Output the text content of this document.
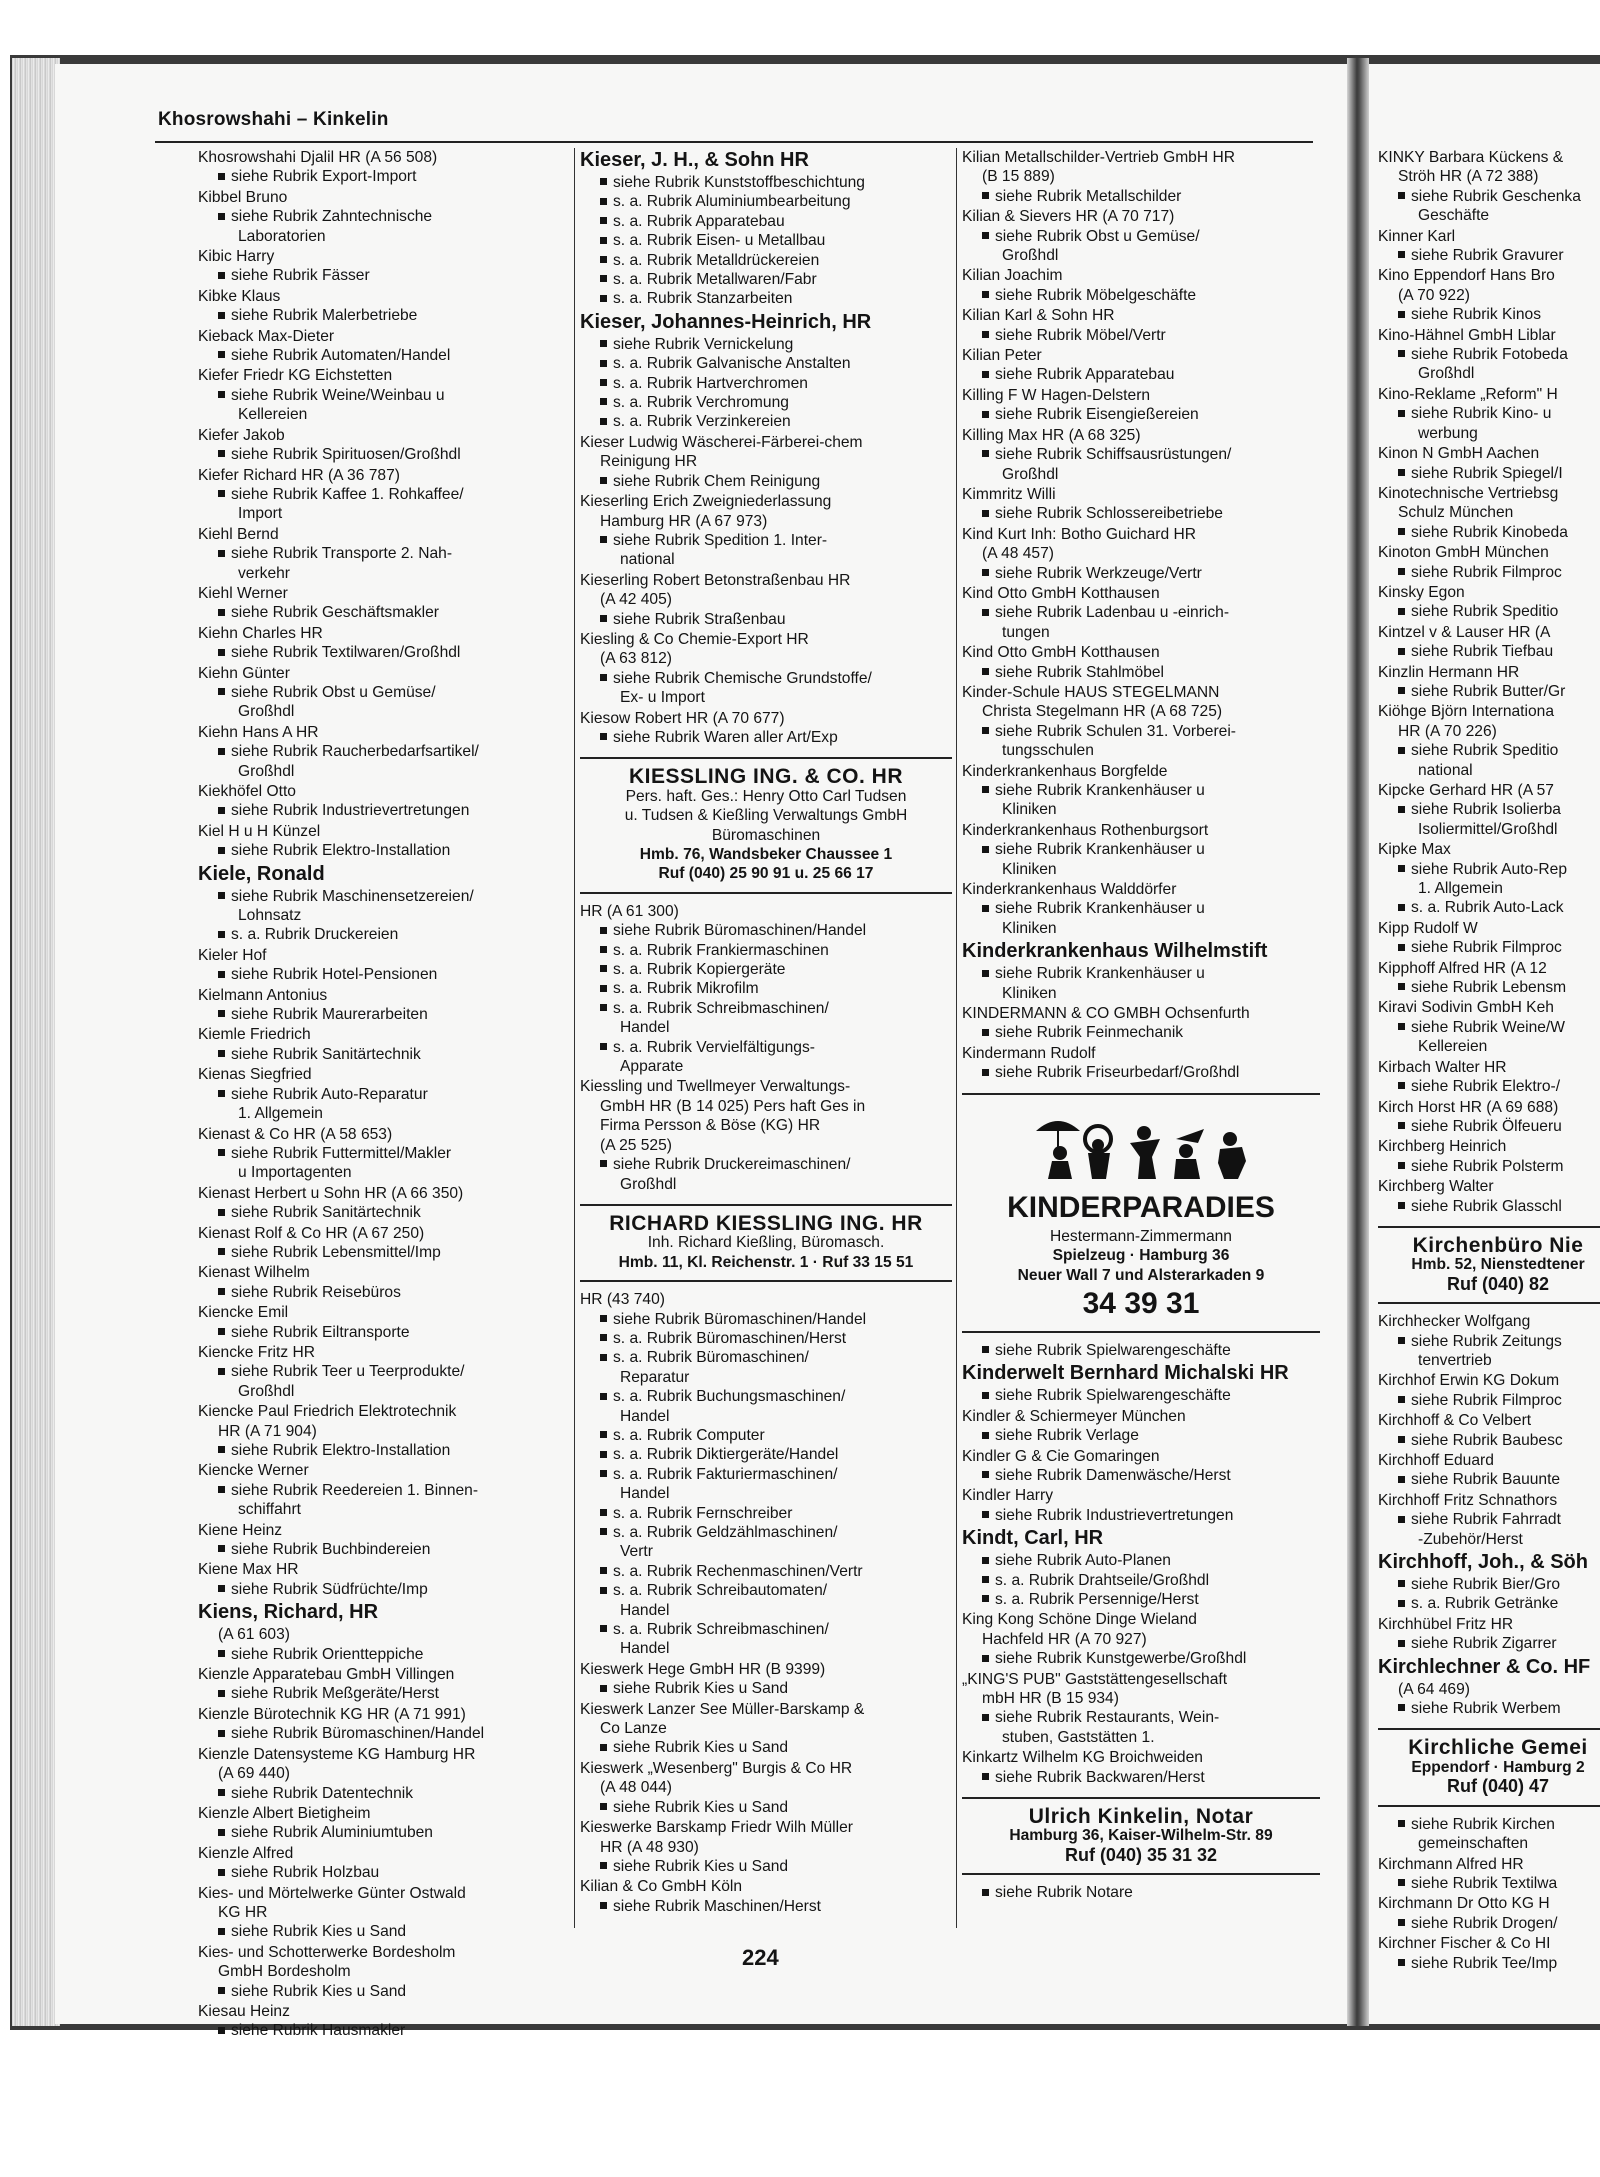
Khosrowshahi – Kinkelin
Khosrowshahi Djalil HR (A 56 508)
siehe Rubrik Export-Import
Kibbel Bruno
siehe Rubrik Zahntechnische
Laboratorien
Kibic Harry
siehe Rubrik Fässer
Kibke Klaus
siehe Rubrik Malerbetriebe
Kieback Max-Dieter
siehe Rubrik Automaten/Handel
Kiefer Friedr KG Eichstetten
siehe Rubrik Weine/Weinbau u
Kellereien
Kiefer Jakob
siehe Rubrik Spirituosen/Großhdl
Kiefer Richard HR (A 36 787)
siehe Rubrik Kaffee 1. Rohkaffee/
Import
Kiehl Bernd
siehe Rubrik Transporte 2. Nah-
verkehr
Kiehl Werner
siehe Rubrik Geschäftsmakler
Kiehn Charles HR
siehe Rubrik Textilwaren/Großhdl
Kiehn Günter
siehe Rubrik Obst u Gemüse/
Großhdl
Kiehn Hans A HR
siehe Rubrik Raucherbedarfsartikel/
Großhdl
Kiekhöfel Otto
siehe Rubrik Industrievertretungen
Kiel H u H Künzel
siehe Rubrik Elektro-Installation
Kiele, Ronald
siehe Rubrik Maschinensetzereien/
Lohnsatz
s. a. Rubrik Druckereien
Kieler Hof
siehe Rubrik Hotel-Pensionen
Kielmann Antonius
siehe Rubrik Maurerarbeiten
Kiemle Friedrich
siehe Rubrik Sanitärtechnik
Kienas Siegfried
siehe Rubrik Auto-Reparatur
1. Allgemein
Kienast & Co HR (A 58 653)
siehe Rubrik Futtermittel/Makler
u Importagenten
Kienast Herbert u Sohn HR (A 66 350)
siehe Rubrik Sanitärtechnik
Kienast Rolf & Co HR (A 67 250)
siehe Rubrik Lebensmittel/Imp
Kienast Wilhelm
siehe Rubrik Reisebüros
Kiencke Emil
siehe Rubrik Eiltransporte
Kiencke Fritz HR
siehe Rubrik Teer u Teerprodukte/
Großhdl
Kiencke Paul Friedrich Elektrotechnik
HR (A 71 904)
siehe Rubrik Elektro-Installation
Kiencke Werner
siehe Rubrik Reedereien 1. Binnen-
schiffahrt
Kiene Heinz
siehe Rubrik Buchbindereien
Kiene Max HR
siehe Rubrik Südfrüchte/Imp
Kiens, Richard, HR
(A 61 603)
siehe Rubrik Orientteppiche
Kienzle Apparatebau GmbH Villingen
siehe Rubrik Meßgeräte/Herst
Kienzle Bürotechnik KG HR (A 71 991)
siehe Rubrik Büromaschinen/Handel
Kienzle Datensysteme KG Hamburg HR
(A 69 440)
siehe Rubrik Datentechnik
Kienzle Albert Bietigheim
siehe Rubrik Aluminiumtuben
Kienzle Alfred
siehe Rubrik Holzbau
Kies- und Mörtelwerke Günter Ostwald
KG HR
siehe Rubrik Kies u Sand
Kies- und Schotterwerke Bordesholm
GmbH Bordesholm
siehe Rubrik Kies u Sand
Kiesau Heinz
siehe Rubrik Hausmakler
Kieser, J. H., & Sohn HR
siehe Rubrik Kunststoffbeschichtung
s. a. Rubrik Aluminiumbearbeitung
s. a. Rubrik Apparatebau
s. a. Rubrik Eisen- u Metallbau
s. a. Rubrik Metalldrückereien
s. a. Rubrik Metallwaren/Fabr
s. a. Rubrik Stanzarbeiten
Kieser, Johannes-Heinrich, HR
siehe Rubrik Vernickelung
s. a. Rubrik Galvanische Anstalten
s. a. Rubrik Hartverchromen
s. a. Rubrik Verchromung
s. a. Rubrik Verzinkereien
Kieser Ludwig Wäscherei-Färberei-chem
Reinigung HR
siehe Rubrik Chem Reinigung
Kieserling Erich Zweigniederlassung
Hamburg HR (A 67 973)
siehe Rubrik Spedition 1. Inter-
national
Kieserling Robert Betonstraßenbau HR
(A 42 405)
siehe Rubrik Straßenbau
Kiesling & Co Chemie-Export HR
(A 63 812)
siehe Rubrik Chemische Grundstoffe/
Ex- u Import
Kiesow Robert HR (A 70 677)
siehe Rubrik Waren aller Art/Exp
KIESSLING ING. & CO. HR
Pers. haft. Ges.: Henry Otto Carl Tudsen
u. Tudsen & Kießling Verwaltungs GmbH
Büromaschinen
Hmb. 76, Wandsbeker Chaussee 1
Ruf (040) 25 90 91 u. 25 66 17
HR (A 61 300)
siehe Rubrik Büromaschinen/Handel
s. a. Rubrik Frankiermaschinen
s. a. Rubrik Kopiergeräte
s. a. Rubrik Mikrofilm
s. a. Rubrik Schreibmaschinen/
Handel
s. a. Rubrik Vervielfältigungs-
Apparate
Kiessling und Twellmeyer Verwaltungs-
GmbH HR (B 14 025) Pers haft Ges in
Firma Persson & Böse (KG) HR
(A 25 525)
siehe Rubrik Druckereimaschinen/
Großhdl
RICHARD KIESSLING ING. HR
Inh. Richard Kießling, Büromasch.
Hmb. 11, Kl. Reichenstr. 1 · Ruf 33 15 51
HR (43 740)
siehe Rubrik Büromaschinen/Handel
s. a. Rubrik Büromaschinen/Herst
s. a. Rubrik Büromaschinen/
Reparatur
s. a. Rubrik Buchungsmaschinen/
Handel
s. a. Rubrik Computer
s. a. Rubrik Diktiergeräte/Handel
s. a. Rubrik Fakturiermaschinen/
Handel
s. a. Rubrik Fernschreiber
s. a. Rubrik Geldzählmaschinen/
Vertr
s. a. Rubrik Rechenmaschinen/Vertr
s. a. Rubrik Schreibautomaten/
Handel
s. a. Rubrik Schreibmaschinen/
Handel
Kieswerk Hege GmbH HR (B 9399)
siehe Rubrik Kies u Sand
Kieswerk Lanzer See Müller-Barskamp &
Co Lanze
siehe Rubrik Kies u Sand
Kieswerk „Wesenberg" Burgis & Co HR
(A 48 044)
siehe Rubrik Kies u Sand
Kieswerke Barskamp Friedr Wilh Müller
HR (A 48 930)
siehe Rubrik Kies u Sand
Kilian & Co GmbH Köln
siehe Rubrik Maschinen/Herst
Kilian Metallschilder-Vertrieb GmbH HR
(B 15 889)
siehe Rubrik Metallschilder
Kilian & Sievers HR (A 70 717)
siehe Rubrik Obst u Gemüse/
Großhdl
Kilian Joachim
siehe Rubrik Möbelgeschäfte
Kilian Karl & Sohn HR
siehe Rubrik Möbel/Vertr
Kilian Peter
siehe Rubrik Apparatebau
Killing F W Hagen-Delstern
siehe Rubrik Eisengießereien
Killing Max HR (A 68 325)
siehe Rubrik Schiffsausrüstungen/
Großhdl
Kimmritz Willi
siehe Rubrik Schlossereibetriebe
Kind Kurt Inh: Botho Guichard HR
(A 48 457)
siehe Rubrik Werkzeuge/Vertr
Kind Otto GmbH Kotthausen
siehe Rubrik Ladenbau u -einrich-
tungen
Kind Otto GmbH Kotthausen
siehe Rubrik Stahlmöbel
Kinder-Schule HAUS STEGELMANN
Christa Stegelmann HR (A 68 725)
siehe Rubrik Schulen 31. Vorberei-
tungsschulen
Kinderkrankenhaus Borgfelde
siehe Rubrik Krankenhäuser u
Kliniken
Kinderkrankenhaus Rothenburgsort
siehe Rubrik Krankenhäuser u
Kliniken
Kinderkrankenhaus Walddörfer
siehe Rubrik Krankenhäuser u
Kliniken
Kinderkrankenhaus Wilhelmstift
siehe Rubrik Krankenhäuser u
Kliniken
KINDERMANN & CO GMBH Ochsenfurth
siehe Rubrik Feinmechanik
Kindermann Rudolf
siehe Rubrik Friseurbedarf/Großhdl
KINDERPARADIES
Hestermann-Zimmermann
Spielzeug · Hamburg 36
Neuer Wall 7 und Alsterarkaden 9
34 39 31
siehe Rubrik Spielwarengeschäfte
Kinderwelt Bernhard Michalski HR
siehe Rubrik Spielwarengeschäfte
Kindler & Schiermeyer München
siehe Rubrik Verlage
Kindler G & Cie Gomaringen
siehe Rubrik Damenwäsche/Herst
Kindler Harry
siehe Rubrik Industrievertretungen
Kindt, Carl, HR
siehe Rubrik Auto-Planen
s. a. Rubrik Drahtseile/Großhdl
s. a. Rubrik Persennige/Herst
King Kong Schöne Dinge Wieland
Hachfeld HR (A 70 927)
siehe Rubrik Kunstgewerbe/Großhdl
„KING'S PUB" Gaststättengesellschaft
mbH HR (B 15 934)
siehe Rubrik Restaurants, Wein-
stuben, Gaststätten 1.
Kinkartz Wilhelm KG Broichweiden
siehe Rubrik Backwaren/Herst
Ulrich Kinkelin, Notar
Hamburg 36, Kaiser-Wilhelm-Str. 89
Ruf (040) 35 31 32
siehe Rubrik Notare
KINKY Barbara Kückens &
Ströh HR (A 72 388)
siehe Rubrik Geschenka
Geschäfte
Kinner Karl
siehe Rubrik Gravurer
Kino Eppendorf Hans Bro
(A 70 922)
siehe Rubrik Kinos
Kino-Hähnel GmbH Liblar
siehe Rubrik Fotobeda
Großhdl
Kino-Reklame „Reform" H
siehe Rubrik Kino- u
werbung
Kinon N GmbH Aachen
siehe Rubrik Spiegel/I
Kinotechnische Vertriebsg
Schulz München
siehe Rubrik Kinobeda
Kinoton GmbH München
siehe Rubrik Filmproc
Kinsky Egon
siehe Rubrik Speditio
Kintzel v & Lauser HR (A
siehe Rubrik Tiefbau
Kinzlin Hermann HR
siehe Rubrik Butter/Gr
Kiöhge Björn Internationa
HR (A 70 226)
siehe Rubrik Speditio
national
Kipcke Gerhard HR (A 57
siehe Rubrik Isolierba
Isoliermittel/Großhdl
Kipke Max
siehe Rubrik Auto-Rep
1. Allgemein
s. a. Rubrik Auto-Lack
Kipp Rudolf W
siehe Rubrik Filmproc
Kipphoff Alfred HR (A 12
siehe Rubrik Lebensm
Kiravi Sodivin GmbH Keh
siehe Rubrik Weine/W
Kellereien
Kirbach Walter HR
siehe Rubrik Elektro-/
Kirch Horst HR (A 69 688)
siehe Rubrik Ölfeueru
Kirchberg Heinrich
siehe Rubrik Polsterm
Kirchberg Walter
siehe Rubrik Glasschl
Kirchenbüro Nie
Hmb. 52, Nienstedtener
Ruf (040) 82
Kirchhecker Wolfgang
siehe Rubrik Zeitungs
tenvertrieb
Kirchhof Erwin KG Dokum
siehe Rubrik Filmproc
Kirchhoff & Co Velbert
siehe Rubrik Baubesc
Kirchhoff Eduard
siehe Rubrik Bauunte
Kirchhoff Fritz Schnathors
siehe Rubrik Fahrradt
-Zubehör/Herst
Kirchhoff, Joh., & Söh
siehe Rubrik Bier/Gro
s. a. Rubrik Getränke
Kirchhübel Fritz HR
siehe Rubrik Zigarrer
Kirchlechner & Co. HF
(A 64 469)
siehe Rubrik Werbem
Kirchliche Gemei
Eppendorf · Hamburg 2
Ruf (040) 47
siehe Rubrik Kirchen
gemeinschaften
Kirchmann Alfred HR
siehe Rubrik Textilwa
Kirchmann Dr Otto KG H
siehe Rubrik Drogen/
Kirchner Fischer & Co HI
siehe Rubrik Tee/Imp
224
